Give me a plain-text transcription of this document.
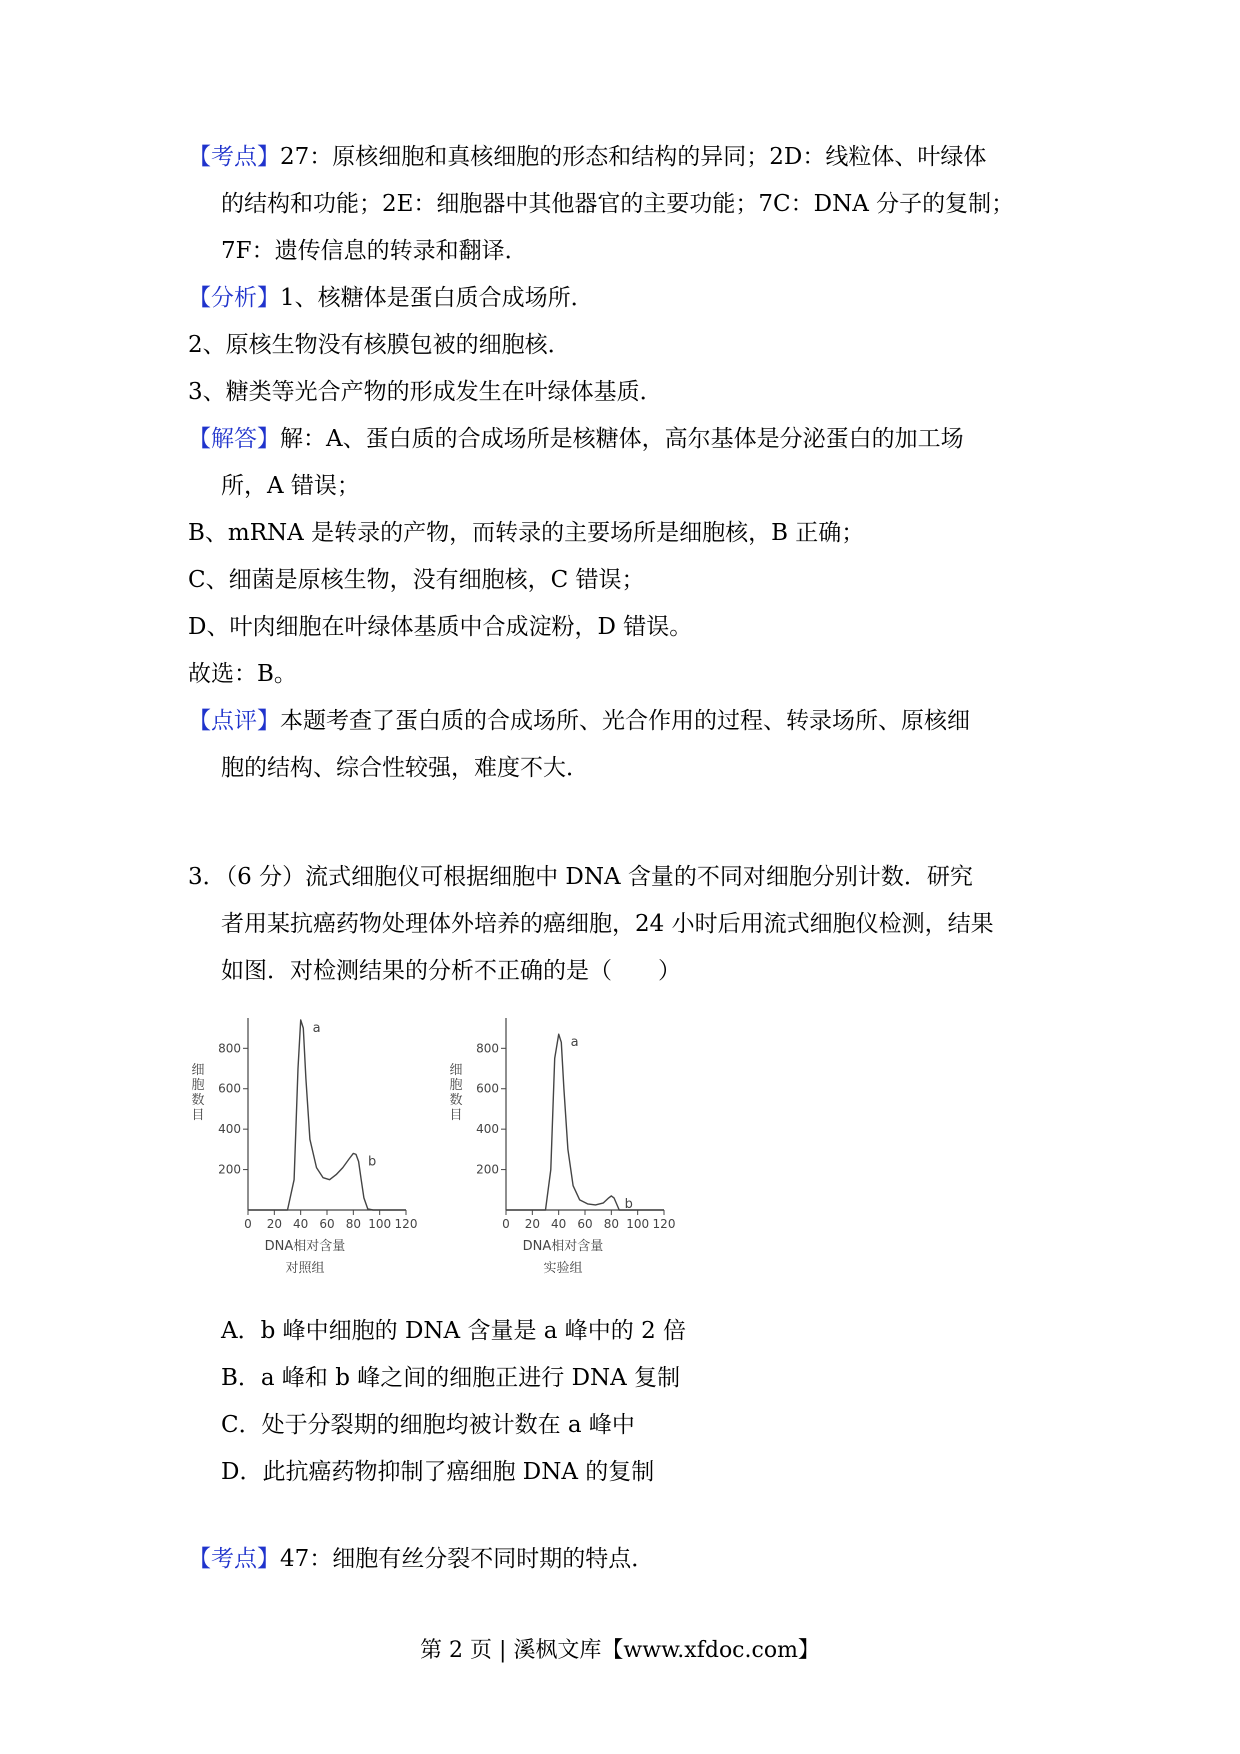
【考点】27：原核细胞和真核细胞的形态和结构的异同；2D：线粒体、叶绿体
的结构和功能；2E：细胞器中其他器官的主要功能；7C：DNA 分子的复制；
7F：遗传信息的转录和翻译．
【分析】1、核糖体是蛋白质合成场所．
2、原核生物没有核膜包被的细胞核．
3、糖类等光合产物的形成发生在叶绿体基质．
【解答】解：A、蛋白质的合成场所是核糖体，高尔基体是分泌蛋白的加工场
所，A 错误；
B、mRNA 是转录的产物，而转录的主要场所是细胞核，B 正确；
C、细菌是原核生物，没有细胞核，C 错误；
D、叶肉细胞在叶绿体基质中合成淀粉，D 错误。
故选：B。
【点评】本题考查了蛋白质的合成场所、光合作用的过程、转录场所、原核细
胞的结构、综合性较强，难度不大．
3．（6 分）流式细胞仪可根据细胞中 DNA 含量的不同对细胞分别计数．研究
者用某抗癌药物处理体外培养的癌细胞，24 小时后用流式细胞仪检测，结果
如图．对检测结果的分析不正确的是（　　）
200
400
600
800
0 20 40 60 80 100 120
细
胞
数
目
DNA相对含量
对照组
a
b
200
400
600
800
0 20 40 60 80 100 120
细
胞
数
目
DNA相对含量
实验组
a
b
A．b 峰中细胞的 DNA 含量是 a 峰中的 2 倍
B．a 峰和 b 峰之间的细胞正进行 DNA 复制
C．处于分裂期的细胞均被计数在 a 峰中
D．此抗癌药物抑制了癌细胞 DNA 的复制
【考点】47：细胞有丝分裂不同时期的特点．
第 2 页 | 溪枫文库【www.xfdoc.com】
